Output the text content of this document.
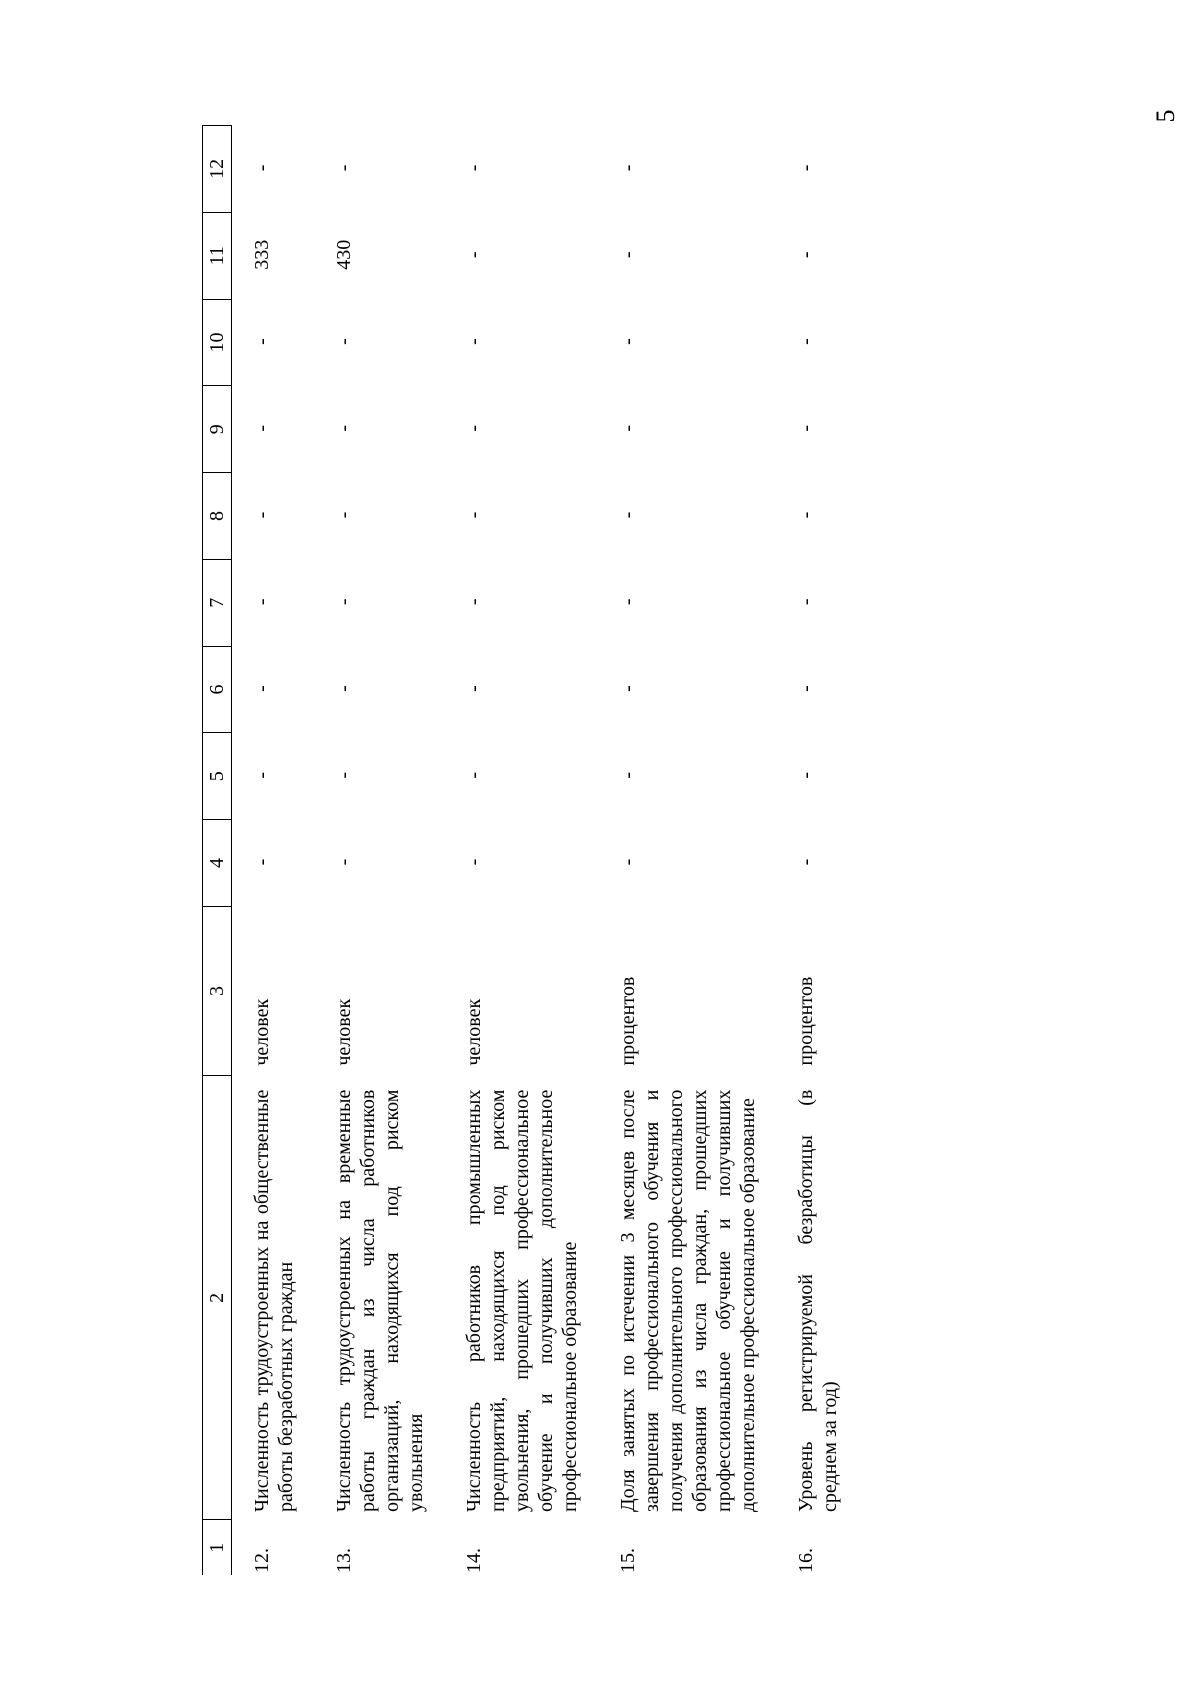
5
1	2	3	4	5	6	7	8	9	10	11	12
12.	Численность трудоустроенных на общественные работы безработных граждан	человек	-	-	-	-	-	-	-	333	-
13.	Численность трудоустроенных на временные работы граждан из числа работников организаций, находящихся под риском увольнения	человек	-	-	-	-	-	-	-	430	-
14.	Численность работников промышленных предприятий, находящихся под риском увольнения, прошедших профессиональное обучение и получивших дополнительное профессиональное образование	человек	-	-	-	-	-	-	-	-	-
15.	Доля занятых по истечении 3 месяцев после завершения профессионального обучения и получения дополнительного профессионального образования из числа граждан, прошедших профессиональное обучение и получивших дополнительное профессиональное образование	процентов	-	-	-	-	-	-	-	-	-
16.	Уровень регистрируемой безработицы (в среднем за год)	процентов	-	-	-	-	-	-	-	-	-
